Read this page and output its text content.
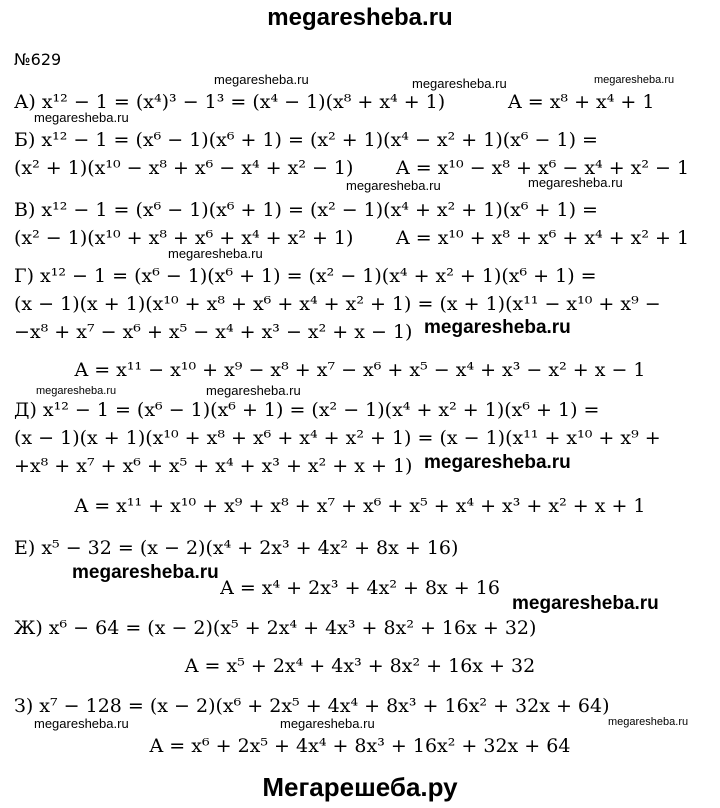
megaresheba.ru
№629
А) x¹² − 1 = (x⁴)³ − 1³ = (x⁴ − 1)(x⁸ + x⁴ + 1)	A = x⁸ + x⁴ + 1
Б) x¹² − 1 = (x⁶ − 1)(x⁶ + 1) = (x² + 1)(x⁴ − x² + 1)(x⁶ − 1) =
(x² + 1)(x¹⁰ − x⁸ + x⁶ − x⁴ + x² − 1) A = x¹⁰ − x⁸ + x⁶ − x⁴ + x² − 1
В) x¹² − 1 = (x⁶ − 1)(x⁶ + 1) = (x² − 1)(x⁴ + x² + 1)(x⁶ + 1) =
(x² − 1)(x¹⁰ + x⁸ + x⁶ + x⁴ + x² + 1) A = x¹⁰ + x⁸ + x⁶ + x⁴ + x² + 1
Г) x¹² − 1 = (x⁶ − 1)(x⁶ + 1) = (x² − 1)(x⁴ + x² + 1)(x⁶ + 1) =
(x − 1)(x + 1)(x¹⁰ + x⁸ + x⁶ + x⁴ + x² + 1) = (x + 1)(x¹¹ − x¹⁰ + x⁹ −
−x⁸ + x⁷ − x⁶ + x⁵ − x⁴ + x³ − x² + x − 1)
A = x¹¹ − x¹⁰ + x⁹ − x⁸ + x⁷ − x⁶ + x⁵ − x⁴ + x³ − x² + x − 1
Д) x¹² − 1 = (x⁶ − 1)(x⁶ + 1) = (x² − 1)(x⁴ + x² + 1)(x⁶ + 1) =
(x − 1)(x + 1)(x¹⁰ + x⁸ + x⁶ + x⁴ + x² + 1) = (x − 1)(x¹¹ + x¹⁰ + x⁹ +
+x⁸ + x⁷ + x⁶ + x⁵ + x⁴ + x³ + x² + x + 1)
A = x¹¹ + x¹⁰ + x⁹ + x⁸ + x⁷ + x⁶ + x⁵ + x⁴ + x³ + x² + x + 1
Е) x⁵ − 32 = (x − 2)(x⁴ + 2x³ + 4x² + 8x + 16)
A = x⁴ + 2x³ + 4x² + 8x + 16
Ж) x⁶ − 64 = (x − 2)(x⁵ + 2x⁴ + 4x³ + 8x² + 16x + 32)
A = x⁵ + 2x⁴ + 4x³ + 8x² + 16x + 32
З) x⁷ − 128 = (x − 2)(x⁶ + 2x⁵ + 4x⁴ + 8x³ + 16x² + 32x + 64)
A = x⁶ + 2x⁵ + 4x⁴ + 8x³ + 16x² + 32x + 64
megaresheba.ru	megaresheba.ru	megaresheba.ru
megaresheba.ru
megaresheba.ru	megaresheba.ru
megaresheba.ru
megaresheba.ru	megaresheba.ru
megaresheba.ru	megaresheba.ru	megaresheba.ru
megaresheba.ru
megaresheba.ru
megaresheba.ru
megaresheba.ru
Мегарешеба.ру
